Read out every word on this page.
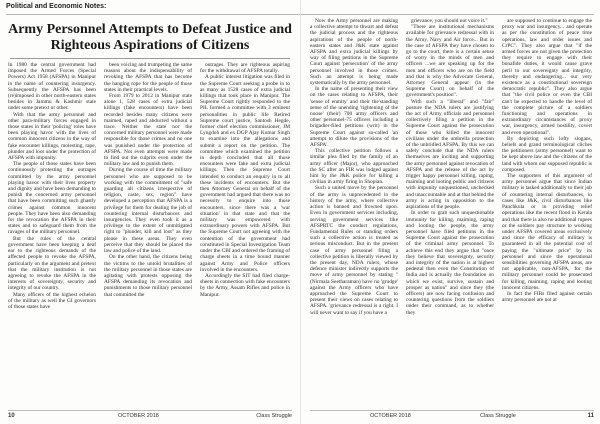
Political and Economic Notes:
Army Personnel Attempts to Defeat Justice and Righteous Aspirations of Citizens

In 1980 the central government had imposed the Armed Forces (Special Powers) Act 1958 (AFSPA) in Manipur in the name of countering insurgency. Subsequently the AFSPA has been (re)imposed in other north-eastern states besides in Jammu & Kashmir state under some pretext or other.

With that the army personnel and other para-military forces engaged in those states in their 'policing' roles have been playing havoc with the lives of common innocent citizens in the way of fake encounter killings, molesting, rape, plunder and loot under the protection of AFSPA with impunity.

The people of those states have been continuously protesting the outrages committed by the army personnel playing havoc with their lives property and dignity and have been demanding to punish the concerned army personnel that have been committing such ghastly crimes against common innocent people. They have been also demanding for the revocation the AFSPA in their states and to safeguard them from the ravages of the military personnel.

But the rules of the central government have been keeping a deaf ear to the righteous demands of the affected people to revoke the AFSPA, particularly on the argument and pretext that the military institution is not agreeing to revoke the AFSPA in the interests of sovereignty, security and integrity of our country.

Many officers of the highest echelon of the military as well the GI governors of those states have

been voicing and trumpeting the same reasons about the indispensability of revoking the AFSPA that has become the hanging rope for the people of those states in their practical levels.

From 1979 to 2012 in Manipur state alone 1, 528 cases of extra judicial killings (fake encounters) have been recorded besides many citizens were maimed, raped and abducted without a trace. Neither the state nor the concerned military personnel were made responsible for those crimes and no one was punished under the protection of AFSPA. Not even attempts were made to find out the culprits even under the military law and to punish them.

During the course of time the military personnel who are supposed to be working with the commitment of "safe guarding all citizens irrespective of religion, caste, sex, region" have developed a perception that AFSPA is a privilege for them for dealing the job of countering internal disturbances and insurgencies. They even took it as a privilege to the extent of unmitigated right to "plunder, kill and loot" as they please in these areas. They even perceive that they should be placed the law and police of the land.

On the other hand, the citizens being the victims to the untold brutalities of the military personnel in those states are agitating with protests opposing the AFSPA demanding its revocation and punishments to those military personnel that committed the

outrages. They are righteous aspiring for the withdrawal of AFSPA totally.

A public interest litigation was filed in the Supreme Court seeking a probe in to as many as 1528 cases of extra judicial killings that took place in Manipur. The Supreme Court rightly responded to the PIL formed a committee with 3 eminent personalities in public life Retired Supreme court justice, Santosh Hegde, former chief election commissioner, JM Lyngdoh and ex DGP Ajay Kumar Singh to examine into the allegations and submit a report on the petition. The committee which examined the petition in depth concluded that all those encounters were fake and extra judicial killings. Then the Supreme Court intended to conduct an enquiry in to all these incidents of encounters. But the then Attorney General on behalf of the government had argued that there was no necessity to enquire into those encounters, since there was a 'war situation' in that state and that the military was empowered with extraordinary powers with AFSPA. But the Supreme Court not agreeing with the contention of the government had constituted in Special Investigation Team under the CBI and ordered the framing of charge sheets in a time bound manner against Army and Police officers involved in the encounters.

Accordingly the SIT had filed charge-sheets in connection with fake encounters by the Army, Assam Rifles and police in Manipur.

Now the Army personnel are making a collective attempt to thwart and defeat the judicial process and the righteous aspirations of the people of north-eastern states and J&K state against AFSPA and extra judicial killings by way of filing petitions in the Supreme Court against 'persecution' of the army personnel involved in those crimes. Such an attempt is being made systematically by the army personnel.

In the name of presenting their view on the cases relating to AFSPA, their 'sense of enmity' and their the'standing sense of the unending 'tightening of the noose' (their) 700 army officers and other personnel-75 officers including a brigadier-filed petitions (writ) in the Supreme Court against so-called 'an attempt to dilute the provisions of the AFSPA'.

This collective petition follows a similar plea filed by the family of an army officer (Major), who approached the SC after an FIR was lodged against him by the J&K police for killing a civilian in army firing in Shopian.

Such a united move by the personnel of the army is unprecedented in the history of the army, where collective action is banned and frowned upon. Even in government services including, serving government services like AFSPRTC the conduct regulations, Fundamental Rules or standing orders such a collective action is treated as serious misconduct. But in the present case of army personnel filing a collective petition is liberally viewed by the present day, NDA rulers, whose defence minister indirectly supports the move of army personnel by stating "(Nirmala Seetharaman) have no 'grudge' against the Army officers who have approached the Supreme Court to present their views on cases relating to AFSPA. 'grievance redressal is a right. I will never want to say if you have a

grievance, you should not voice it."

"There are institutional mechanisms available for grievance redressal with in the Army, Navy and Air force... But in the case of AFSPA they have chosen to go to the court, there is a certain sense of worry in the minds of men and officers ...we are speaking up for the men and officers who are on the field and that is why the Advocate General, Attorney General appear (in the Supreme Court) on behalf of the government's position".

With such a "liberal" and "fair" posture the NDA rulers are justifying the act of Army officials and personnel collectively filing a petition in the Supreme Court against the prosecution of those who killed the innocent civilians under the umbrella protection of the unbridled AFSPA. By this we can safely conclude that the NDA rulers themselves are inciting and supporting the army personnel against revocation of AFSPA and the release of the act by trigger happy personnel killing, raping, maiming and looting public and citizens with impunity unquestioned, unchecked and unaccountable and at that behind the army is acting in opposition to the aspirations of the people.

In order to grab such unquestionable immunity for killing, maiming, raping and looting the people, the army personnel have filed petitions in the Supreme Court against the prosecution of the criminal army personnel. To achieve this end they argue that "once they believe that sovereignty, security and integrity of the nation is at highest pedestal then even the Constitution of India and is actually the foundation on which we exist, survive, sustain and prosper as nation" and since they (the officers) are now facing confusion and countering questions from the soldiers under their command, as to whether they

are supposed to continue to engage the proxy war and insurgency... and operate as per the constitution of peace time operations, law and order issues and CrPC". They also argue that "if the armed forces are not given the protection they require to engage with their bonafide duties, it would cause grave peril to our sovereignty and integrity, thereby and endangering... our very existence as a constitutional sovereign democratic republic". They also argue that "the civil police or even the CBI can't be expected to handle the level of the complete picture of a soldiers functioning and operations in extraordinary circumstances of proxy war, insurgency, armed hostility, covert and even operational".

By depicting such lofty slogans, beliefs and grand terminological cliches the petitioners (army personnel) want to be kept above law and the citizens of the land with whom our supposed republic is composed.

The supporters of this argument of army personnel argue that since Indian military is tasked additionally to their job of countering internal disturbances, in cases like J&K, civil disturbances like Panchkula or in providing relief operations like the recent flood in Kerala and that there is also no additional rupees or the soldiers pay structure to working under AFSPA covered areas exclusively and since the efficacy of military is guaranteed in all the potential cost of paying the "ultimate price" by its personnel and since the operational sensibilities governing AFSPA areas, are not applicable, non-AFSPA, for the military personnel could be prosecuted for killing, maiming, raping and looting innocent citizens.

In fact the FIRs filed against certain army personnel are not at

10	OCTOBER 2018	Class Struggle	OCTOBER 2018	Class Struggle	11
